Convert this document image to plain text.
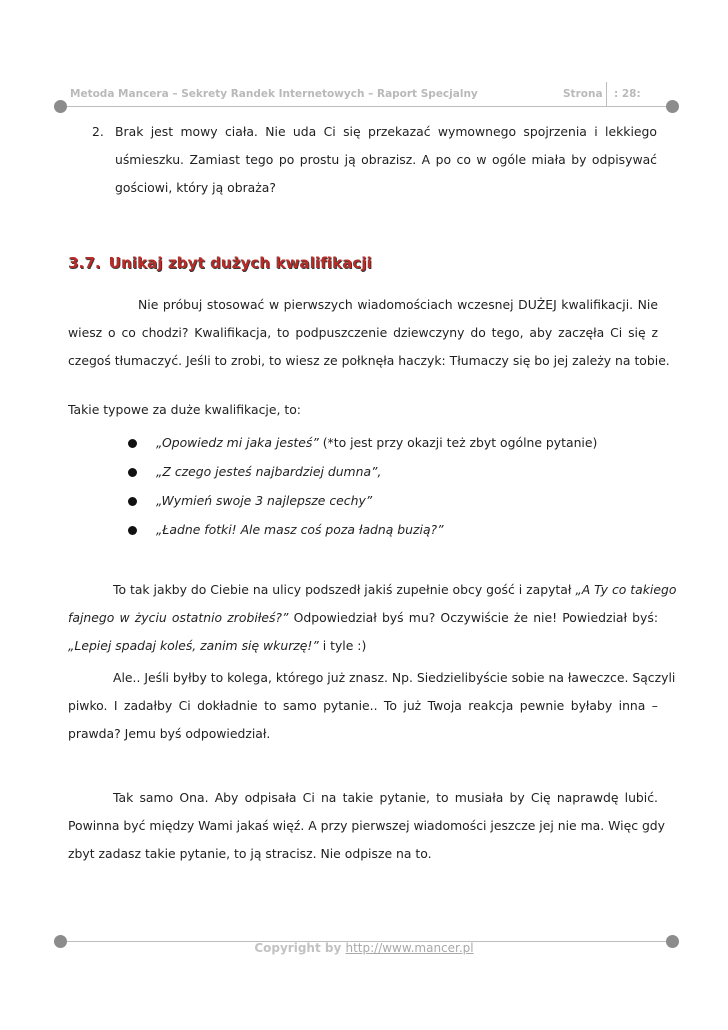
Metoda Mancera – Sekrety Randek Internetowych – Raport Specjalny	Strona : 28:
2. Brak jest mowy ciała. Nie uda Ci się przekazać wymownego spojrzenia i lekkiego
uśmieszku. Zamiast tego po prostu ją obrazisz. A po co w ogóle miała by odpisywać
gościowi, który ją obraża?
3.7. Unikaj zbyt dużych kwalifikacji
Nie próbuj stosować w pierwszych wiadomościach wczesnej DUŻEJ kwalifikacji. Nie
wiesz o co chodzi? Kwalifikacja, to podpuszczenie dziewczyny do tego, aby zaczęła Ci się z
czegoś tłumaczyć. Jeśli to zrobi, to wiesz ze połknęła haczyk: Tłumaczy się bo jej zależy na tobie.
Takie typowe za duże kwalifikacje, to:
„Opowiedz mi jaka jesteś” (*to jest przy okazji też zbyt ogólne pytanie)
„Z czego jesteś najbardziej dumna”,
„Wymień swoje 3 najlepsze cechy”
„Ładne fotki! Ale masz coś poza ładną buzią?”
To tak jakby do Ciebie na ulicy podszedł jakiś zupełnie obcy gość i zapytał „A Ty co takiego
fajnego w życiu ostatnio zrobiłeś?” Odpowiedział byś mu? Oczywiście że nie! Powiedział byś:
„Lepiej spadaj koleś, zanim się wkurzę!” i tyle :)
Ale.. Jeśli byłby to kolega, którego już znasz. Np. Siedzielibyście sobie na ławeczce. Sączyli
piwko. I zadałby Ci dokładnie to samo pytanie.. To już Twoja reakcja pewnie byłaby inna –
prawda? Jemu byś odpowiedział.
Tak samo Ona. Aby odpisała Ci na takie pytanie, to musiała by Cię naprawdę lubić.
Powinna być między Wami jakaś więź. A przy pierwszej wiadomości jeszcze jej nie ma. Więc gdy
zbyt zadasz takie pytanie, to ją stracisz. Nie odpisze na to.
Copyright by http://www.mancer.pl
